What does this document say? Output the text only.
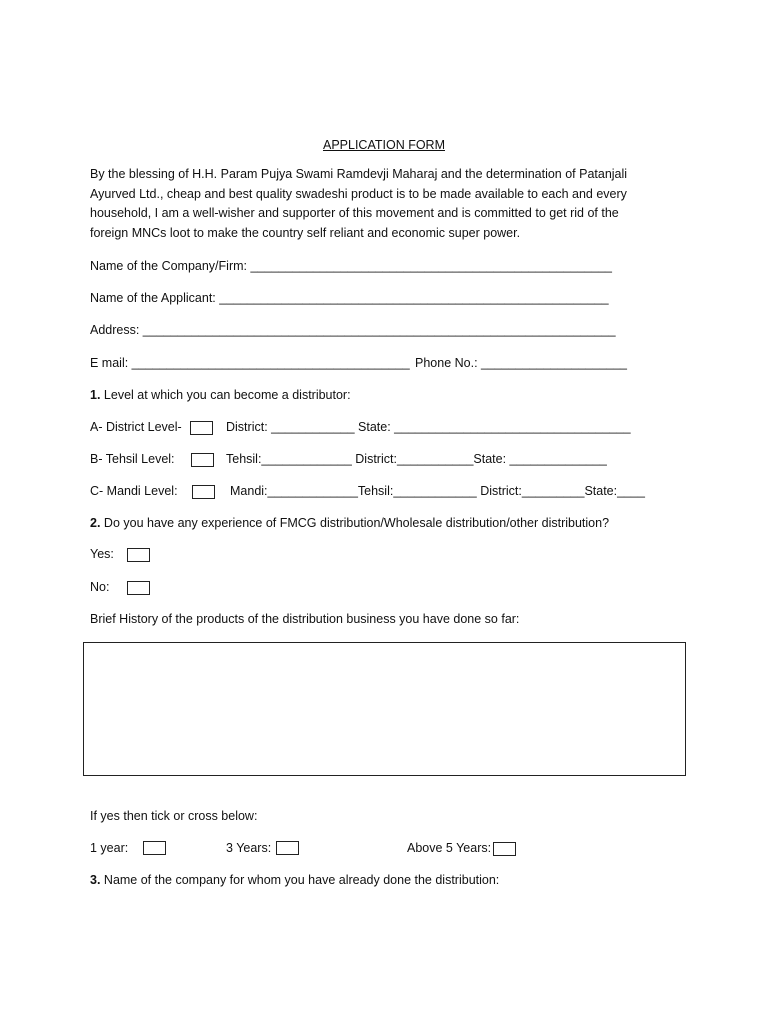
APPLICATION FORM
By the blessing of H.H. Param Pujya Swami Ramdevji Maharaj and the determination of Patanjali Ayurved Ltd., cheap and best quality swadeshi product is to be made available to each and every household, I am a well-wisher and supporter of this movement and is committed to get rid of the foreign MNCs loot to make the country self reliant and economic super power.
Name of the Company/Firm: ____________________________________________________
Name of the Applicant: ________________________________________________________
Address: ____________________________________________________________________
E mail: ________________________________________ Phone No.: _____________________
1. Level at which you can become a distributor:
A- District Level-	District: ____________ State: __________________________________
B- Tehsil Level:	Tehsil:_____________ District:___________State: ______________
C- Mandi Level:	Mandi:_____________Tehsil:____________ District:_________State:____
2. Do you have any experience of FMCG distribution/Wholesale distribution/other distribution?
Yes:
No:
Brief History of the products of the distribution business you have done so far:
If yes then tick or cross below:
1 year:	3 Years:	Above 5 Years:
3. Name of the company for whom you have already done the distribution:
